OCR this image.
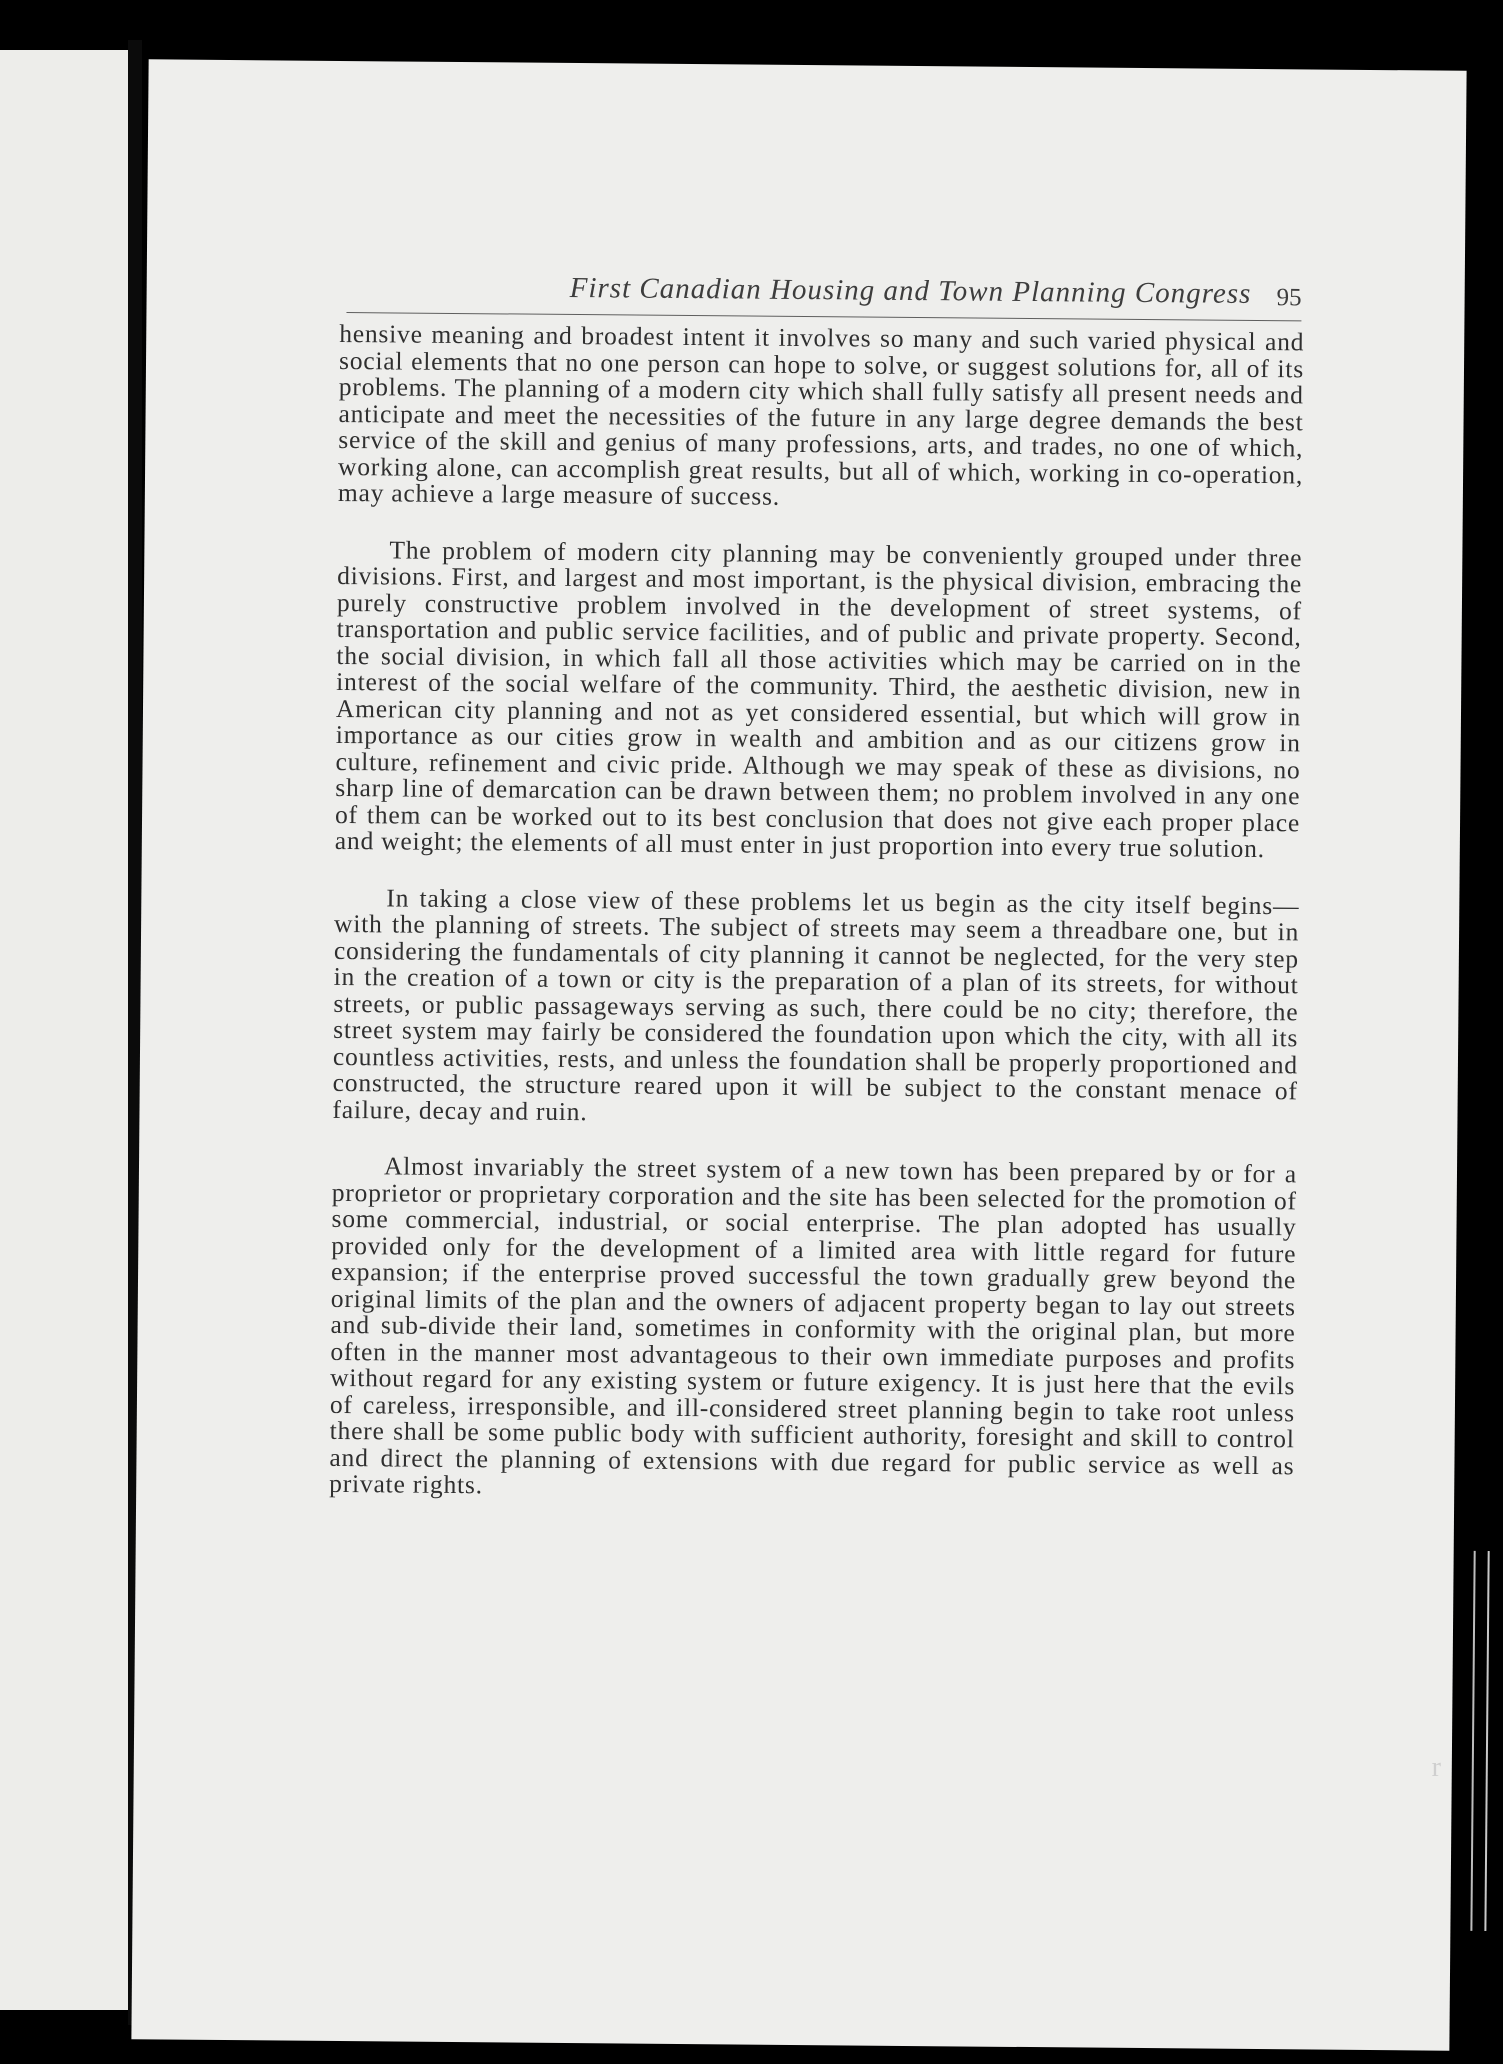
First Canadian Housing and Town Planning Congress 95

hensive meaning and broadest intent it involves so many and such varied physical and social elements that no one person can hope to solve, or suggest solutions for, all of its problems. The planning of a modern city which shall fully satisfy all present needs and anticipate and meet the necessities of the future in any large degree demands the best service of the skill and genius of many professions, arts, and trades, no one of which, working alone, can accomplish great results, but all of which, working in co-operation, may achieve a large measure of success.

The problem of modern city planning may be conveniently grouped under three divisions. First, and largest and most important, is the physical division, embracing the purely constructive problem involved in the development of street systems, of transportation and public service facilities, and of public and private property. Second, the social division, in which fall all those activities which may be carried on in the interest of the social welfare of the community. Third, the aesthetic division, new in American city planning and not as yet considered essential, but which will grow in importance as our cities grow in wealth and ambition and as our citizens grow in culture, refinement and civic pride. Although we may speak of these as divisions, no sharp line of demarcation can be drawn between them; no problem involved in any one of them can be worked out to its best conclusion that does not give each proper place and weight; the elements of all must enter in just proportion into every true solution.

In taking a close view of these problems let us begin as the city itself begins—with the planning of streets. The subject of streets may seem a threadbare one, but in considering the fundamentals of city planning it cannot be neglected, for the very step in the creation of a town or city is the preparation of a plan of its streets, for without streets, or public passageways serving as such, there could be no city; therefore, the street system may fairly be considered the foundation upon which the city, with all its countless activities, rests, and unless the foundation shall be properly proportioned and constructed, the structure reared upon it will be subject to the constant menace of failure, decay and ruin.

Almost invariably the street system of a new town has been prepared by or for a proprietor or proprietary corporation and the site has been selected for the promotion of some commercial, industrial, or social enterprise. The plan adopted has usually provided only for the development of a limited area with little regard for future expansion; if the enterprise proved successful the town gradually grew beyond the original limits of the plan and the owners of adjacent property began to lay out streets and sub-divide their land, sometimes in conformity with the original plan, but more often in the manner most advantageous to their own immediate purposes and profits without regard for any existing system or future exigency. It is just here that the evils of careless, irresponsible, and ill-considered street planning begin to take root unless there shall be some public body with sufficient authority, foresight and skill to control and direct the planning of extensions with due regard for public service as well as private rights.

r
